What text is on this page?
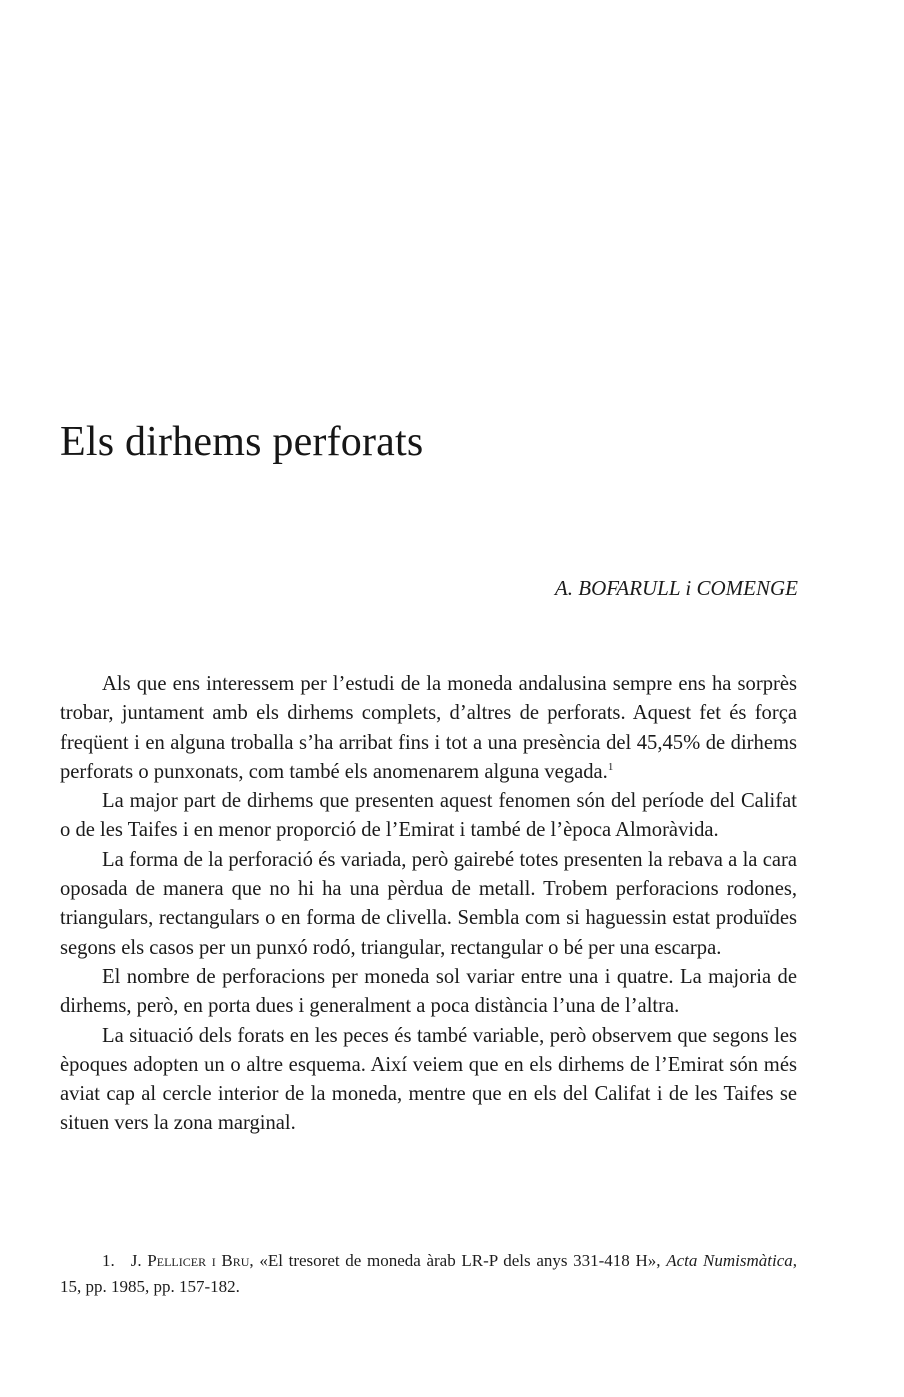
Els dirhems perforats

A. BOFARULL i COMENGE

Als que ens interessem per l’estudi de la moneda andalusina sempre ens ha sorprès trobar, juntament amb els dirhems complets, d’altres de perforats. Aquest fet és força freqüent i en alguna troballa s’ha arribat fins i tot a una presència del 45,45% de dirhems perforats o punxonats, com també els anomenarem alguna vegada.$^1$

La major part de dirhems que presenten aquest fenomen són del període del Califat o de les Taifes i en menor proporció de l’Emirat i també de l’època Almoràvida.

La forma de la perforació és variada, però gairebé totes presenten la rebava a la cara oposada de manera que no hi ha una pèrdua de metall. Trobem perforacions rodones, triangulars, rectangulars o en forma de clivella. Sembla com si haguessin estat produïdes segons els casos per un punxó rodó, triangular, rectangular o bé per una escarpa.

El nombre de perforacions per moneda sol variar entre una i quatre. La majoria de dirhems, però, en porta dues i generalment a poca distància l’una de l’altra.

La situació dels forats en les peces és també variable, però observem que segons les èpoques adopten un o altre esquema. Així veiem que en els dirhems de l’Emirat són més aviat cap al cercle interior de la moneda, mentre que en els del Califat i de les Taifes se situen vers la zona marginal.

1. J. Pellicer i Bru, «El tresoret de moneda àrab LR-P dels anys 331-418 H», Acta Numismàtica, 15, pp. 1985, pp. 157-182.
